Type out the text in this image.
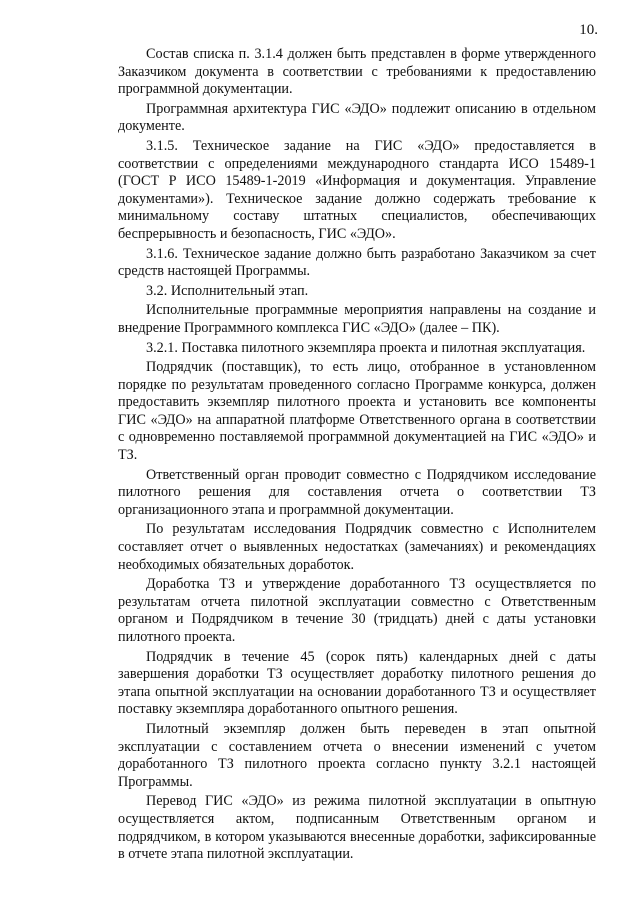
10.

Состав списка п. 3.1.4 должен быть представлен в форме утвержденного Заказчиком документа в соответствии с требованиями к предоставлению программной документации.

Программная архитектура ГИС «ЭДО» подлежит описанию в отдельном документе.

3.1.5. Техническое задание на ГИС «ЭДО» предоставляется в соответствии с определениями международного стандарта ИСО 15489-1 (ГОСТ Р ИСО 15489-1-2019 «Информация и документация. Управление документами»). Техническое задание должно содержать требование к минимальному составу штатных специалистов, обеспечивающих беспрерывность и безопасность, ГИС «ЭДО».

3.1.6. Техническое задание должно быть разработано Заказчиком за счет средств настоящей Программы.

3.2. Исполнительный этап.

Исполнительные программные мероприятия направлены на создание и внедрение Программного комплекса ГИС «ЭДО» (далее – ПК).

3.2.1. Поставка пилотного экземпляра проекта и пилотная эксплуатация.

Подрядчик (поставщик), то есть лицо, отобранное в установленном порядке по результатам проведенного согласно Программе конкурса, должен предоставить экземпляр пилотного проекта и установить все компоненты ГИС «ЭДО» на аппаратной платформе Ответственного органа в соответствии с одновременно поставляемой программной документацией на ГИС «ЭДО» и ТЗ.

Ответственный орган проводит совместно с Подрядчиком исследование пилотного решения для составления отчета о соответствии ТЗ организационного этапа и программной документации.

По результатам исследования Подрядчик совместно с Исполнителем составляет отчет о выявленных недостатках (замечаниях) и рекомендациях необходимых обязательных доработок.

Доработка ТЗ и утверждение доработанного ТЗ осуществляется по результатам отчета пилотной эксплуатации совместно с Ответственным органом и Подрядчиком в течение 30 (тридцать) дней с даты установки пилотного проекта.

Подрядчик в течение 45 (сорок пять) календарных дней с даты завершения доработки ТЗ осуществляет доработку пилотного решения до этапа опытной эксплуатации на основании доработанного ТЗ и осуществляет поставку экземпляра доработанного опытного решения.

Пилотный экземпляр должен быть переведен в этап опытной эксплуатации с составлением отчета о внесении изменений с учетом доработанного ТЗ пилотного проекта согласно пункту 3.2.1 настоящей Программы.

Перевод ГИС «ЭДО» из режима пилотной эксплуатации в опытную осуществляется актом, подписанным Ответственным органом и

подрядчиком, в котором указываются внесенные доработки, зафиксированные в отчете этапа пилотной эксплуатации.
